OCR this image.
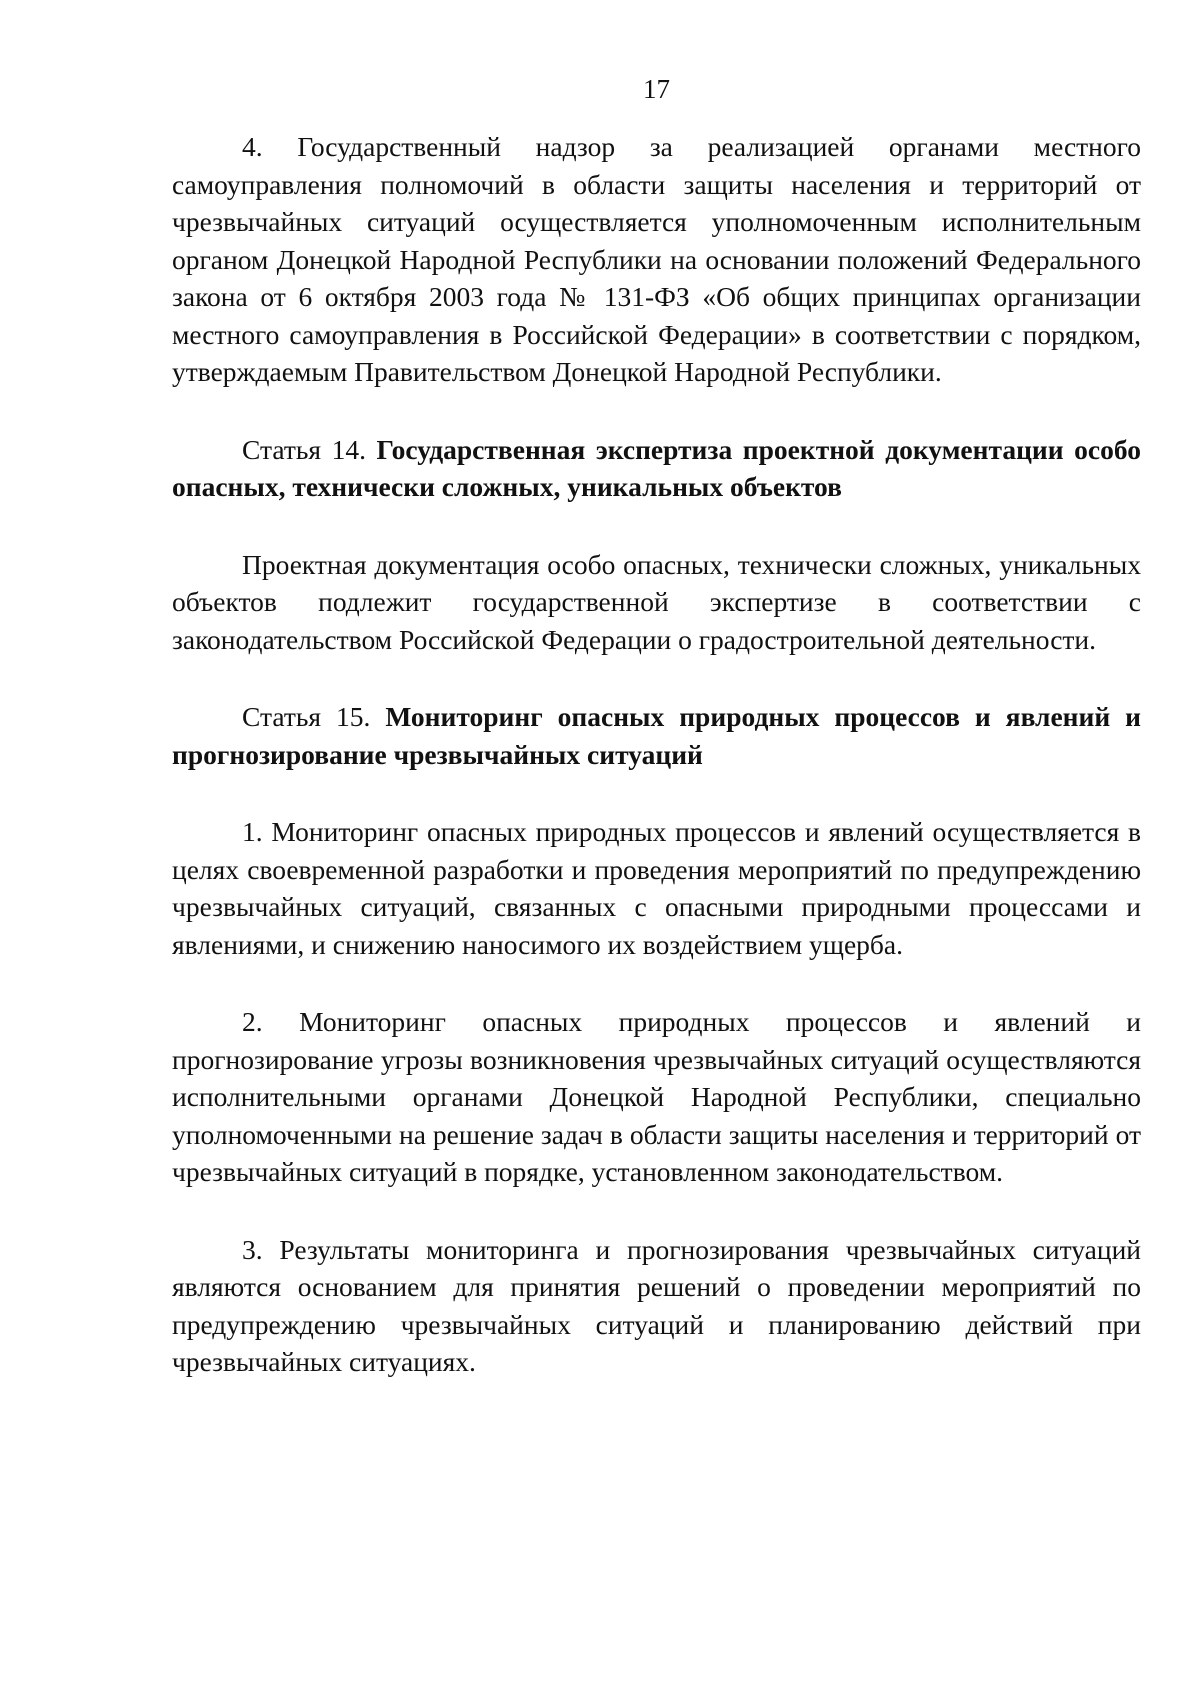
17

4. Государственный надзор за реализацией органами местного самоуправления полномочий в области защиты населения и территорий от чрезвычайных ситуаций осуществляется уполномоченным исполнительным органом Донецкой Народной Республики на основании положений Федерального закона от 6 октября 2003 года № 131-ФЗ «Об общих принципах организации местного самоуправления в Российской Федерации» в соответствии с порядком, утверждаемым Правительством Донецкой Народной Республики.

Статья 14. Государственная экспертиза проектной документации особо опасных, технически сложных, уникальных объектов

Проектная документация особо опасных, технически сложных, уникальных объектов подлежит государственной экспертизе в соответствии с законодательством Российской Федерации о градостроительной деятельности.

Статья 15. Мониторинг опасных природных процессов и явлений и прогнозирование чрезвычайных ситуаций

1. Мониторинг опасных природных процессов и явлений осуществляется в целях своевременной разработки и проведения мероприятий по предупреждению чрезвычайных ситуаций, связанных с опасными природными процессами и явлениями, и снижению наносимого их воздействием ущерба.

2. Мониторинг опасных природных процессов и явлений и прогнозирование угрозы возникновения чрезвычайных ситуаций осуществляются исполнительными органами Донецкой Народной Республики, специально уполномоченными на решение задач в области защиты населения и территорий от чрезвычайных ситуаций в порядке, установленном законодательством.

3. Результаты мониторинга и прогнозирования чрезвычайных ситуаций являются основанием для принятия решений о проведении мероприятий по предупреждению чрезвычайных ситуаций и планированию действий при чрезвычайных ситуациях.
